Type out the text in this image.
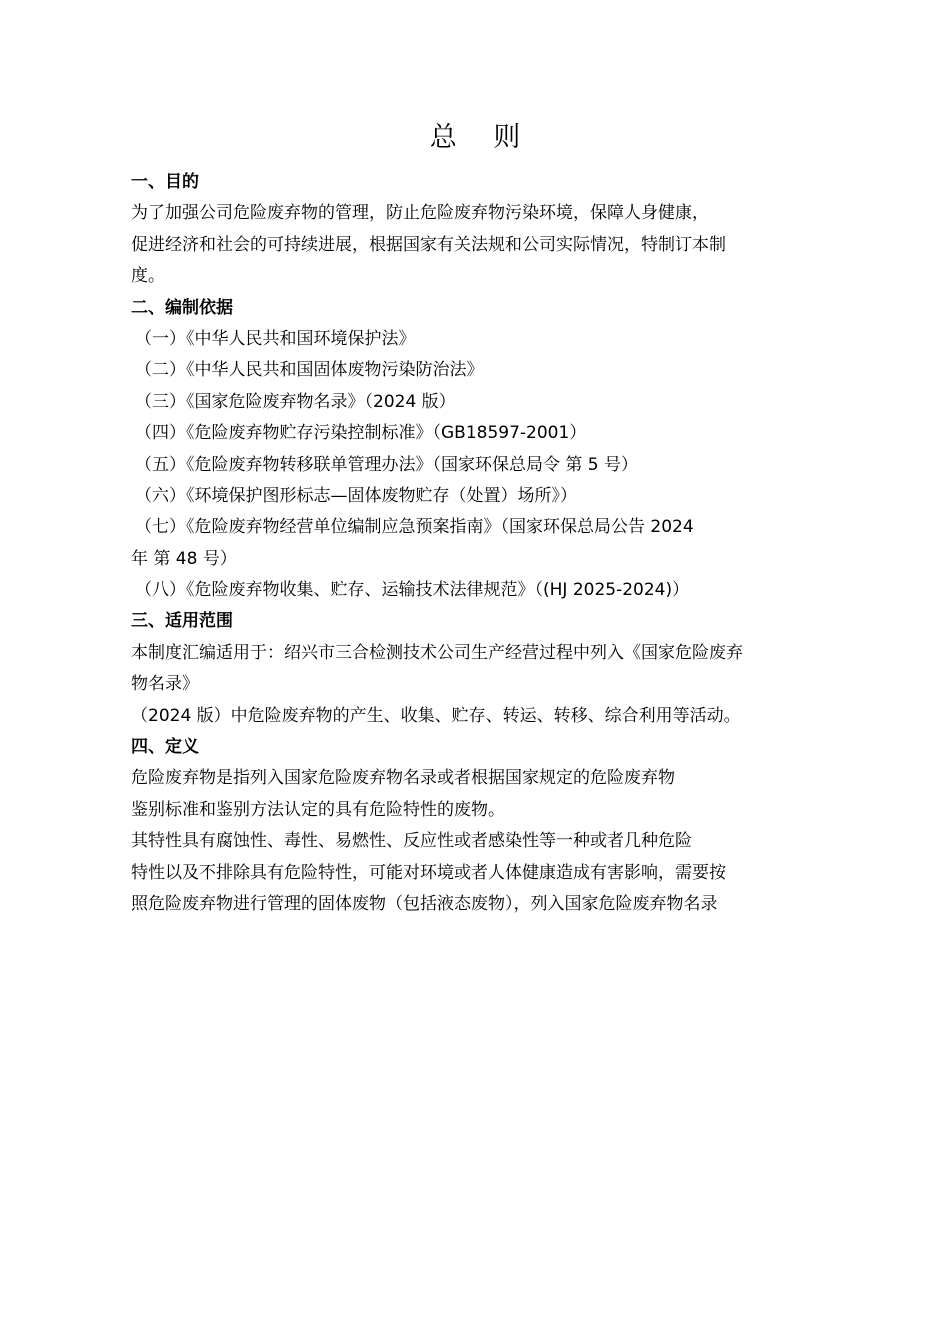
总 则
一、目的
为了加强公司危险废弃物的管理，防止危险废弃物污染环境，保障人身健康，
促进经济和社会的可持续进展，根据国家有关法规和公司实际情况，特制订本制
度。
二、编制依据
（一）《中华人民共和国环境保护法》
（二）《中华人民共和国固体废物污染防治法》
（三）《国家危险废弃物名录》（2024 版）
（四）《危险废弃物贮存污染控制标准》（GB18597-2001）
（五）《危险废弃物转移联单管理办法》（国家环保总局令 第 5 号）
（六）《环境保护图形标志—固体废物贮存（处置）场所》）
（七）《危险废弃物经营单位编制应急预案指南》（国家环保总局公告 2024
年 第 48 号）
（八）《危险废弃物收集、贮存、运输技术法律规范》（(HJ 2025-2024)）
三、适用范围
本制度汇编适用于：绍兴市三合检测技术公司生产经营过程中列入《国家危险废弃
物名录》
（2024 版）中危险废弃物的产生、收集、贮存、转运、转移、综合利用等活动。
四、定义
危险废弃物是指列入国家危险废弃物名录或者根据国家规定的危险废弃物
鉴别标准和鉴别方法认定的具有危险特性的废物。
其特性具有腐蚀性、毒性、易燃性、反应性或者感染性等一种或者几种危险
特性以及不排除具有危险特性，可能对环境或者人体健康造成有害影响，需要按
照危险废弃物进行管理的固体废物（包括液态废物），列入国家危险废弃物名录
